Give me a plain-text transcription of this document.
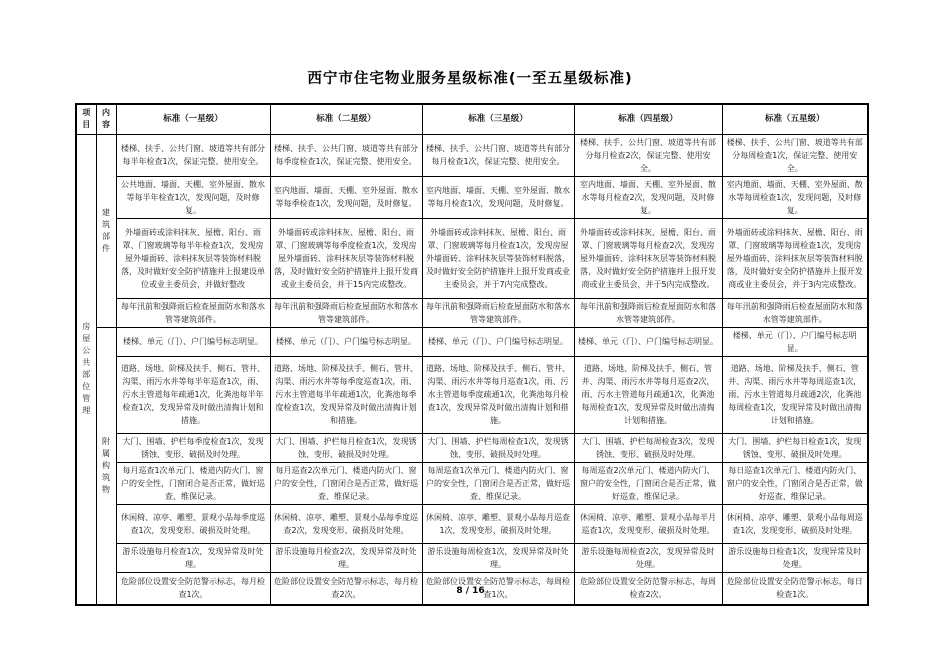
西宁市住宅物业服务星级标准(一至五星级标准)
项目	内容	标准（一星级）	标准（二星级）	标准（三星级）	标准（四星级）	标准（五星级）

房屋公共部位管理	建筑部件	楼梯、扶手、公共门窗、坡道等共有部分每半年检查1次，保证完整、使用安全。	楼梯、扶手、公共门窗、坡道等共有部分每季度检查1次，保证完整、使用安全。	楼梯、扶手、公共门窗、坡道等共有部分每月检查1次，保证完整、使用安全。	楼梯、扶手、公共门窗、坡道等共有部分每月检查2次，保证完整、使用安全。	楼梯、扶手、公共门窗、坡道等共有部分每周检查1次，保证完整、使用安全。
		公共地面、墙面、天棚、室外屋面、散水等每半年检查1次，发现问题，及时修复。	室内地面、墙面、天棚、室外屋面、散水等每季检查1次，发现问题，及时修复。	室内地面、墙面、天棚、室外屋面、散水等每月检查1次，发现问题，及时修复。	室内地面、墙面、天棚、室外屋面、散水等每月检查2次，发现问题，及时修复。	室内地面、墙面、天棚、室外屋面、散水等每周检查1次，发现问题，及时修复。
		外墙面砖或涂料抹灰、屋檐、阳台、雨罩、门窗玻璃等每半年检查1次，发现房屋外墙面砖、涂料抹灰层等装饰材料脱落，及时做好安全防护措施并上报建设单位或业主委员会，并做好整改	外墙面砖或涂料抹灰、屋檐、阳台、雨罩、门窗玻璃等每季度检查1次，发现房屋外墙面砖、涂料抹灰层等装饰材料脱落，及时做好安全防护措施并上报开发商或业主委员会，并于15内完成整改。	外墙面砖或涂料抹灰、屋檐、阳台、雨罩、门窗玻璃等每月检查1次，发现房屋外墙面砖、涂料抹灰层等装饰材料脱落，及时做好安全防护措施并上报开发商或业主委员会，并于7内完成整改。	外墙面砖或涂料抹灰、屋檐、阳台、雨罩、门窗玻璃等每月检查2次，发现房屋外墙面砖、涂料抹灰层等装饰材料脱落，及时做好安全防护措施并上报开发商或业主委员会，并于5内完成整改。	外墙面砖或涂料抹灰、屋檐、阳台、雨罩、门窗玻璃等每周检查1次，发现房屋外墙面砖、涂料抹灰层等装饰材料脱落，及时做好安全防护措施并上报开发商或业主委员会，并于3内完成整改。
		每年汛前和强降雨后检查屋面防水和落水管等建筑部件。	每年汛前和强降雨后检查屋面防水和落水管等建筑部件。	每年汛前和强降雨后检查屋面防水和落水管等建筑部件。	每年汛前和强降雨后检查屋面防水和落水管等建筑部件。	每年汛前和强降雨后检查屋面防水和落水管等建筑部件。

	附属构筑物	楼梯、单元（门）、户门编号标志明显。	楼梯、单元（门）、户门编号标志明显。	楼梯、单元（门）、户门编号标志明显。	楼梯、单元（门）、户门编号标志明显。	楼梯、单元（门）、户门编号标志明显。
		道路、场地、阶梯及扶手、侧石、管井、沟渠、雨污水井等每半年巡查1次，雨、污水主管道每年疏通1次，化粪池每半年检查1次，发现异常及时做出清掏计划和措施。	道路、场地、阶梯及扶手、侧石、管井、沟渠、雨污水井等每季度巡查1次，雨、污水主管道每半年疏通1次，化粪池每季度检查1次，发现异常及时做出清掏计划和措施。	道路、场地、阶梯及扶手、侧石、管井、沟渠、雨污水井等每月巡查1次，雨、污水主管道每季度疏通1次，化粪池每月检查1次，发现异常及时做出清掏计划和措施。	道路、场地、阶梯及扶手、侧石、管井、沟渠、雨污水井等每月巡查2次，雨、污水主管道每月疏通1次，化粪池每周检查1次，发现异常及时做出清掏计划和措施。	道路、场地、阶梯及扶手、侧石、管井、沟渠、雨污水井等每周巡查1次，雨、污水主管道每月疏通2次，化粪池每周检查1次，发现异常及时做出清掏计划和措施。
		大门、围墙、护栏每季度检查1次，发现锈蚀、变形、破损及时处理。	大门、围墙、护栏每月检查1次，发现锈蚀、变形、破损及时处理。	大门、围墙、护栏每周检查1次，发现锈蚀、变形、破损及时处理。	大门、围墙、护栏每周检查3次，发现锈蚀、变形、破损及时处理。	大门、围墙、护栏每日检查1次，发现锈蚀、变形、破损及时处理。
		每月巡查1次单元门、楼道内防火门、窗户的安全性，门窗闭合是否正常，做好巡查、维保记录。	每月巡查2次单元门、楼道内防火门、窗户的安全性，门窗闭合是否正常，做好巡查、维保记录。	每周巡查1次单元门、楼道内防火门、窗户的安全性，门窗闭合是否正常，做好巡查、维保记录。	每周巡查2次单元门、楼道内防火门、窗户的安全性，门窗闭合是否正常，做好巡查、维保记录。	每日巡查1次单元门、楼道内防火门、窗户的安全性，门窗闭合是否正常，做好巡查、维保记录。
		休闲椅、凉亭、雕塑、景观小品每季度巡查1次，发现变形、破损及时处理。	休闲椅、凉亭、雕塑、景观小品每季度巡查2次，发现变形、破损及时处理。	休闲椅、凉亭、雕塑、景观小品每月巡查1次，发现变形、破损及时处理。	休闲椅、凉亭、雕塑、景观小品每半月巡查1次，发现变形、破损及时处理。	休闲椅、凉亭、雕塑、景观小品每周巡查1次，发现变形、破损及时处理。
		游乐设施每月检查1次，发现异常及时处理。	游乐设施每月检查2次，发现异常及时处理。	游乐设施每周检查1次，发现异常及时处理。	游乐设施每周检查2次，发现异常及时处理。	游乐设施每日检查1次，发现异常及时处理。
		危险部位设置安全防范警示标志，每月检查1次。	危险部位设置安全防范警示标志，每月检查2次。	危险部位设置安全防范警示标志，每周检查1次。	危险部位设置安全防范警示标志，每周检查2次。	危险部位设置安全防范警示标志，每日检查1次。
8 / 16
